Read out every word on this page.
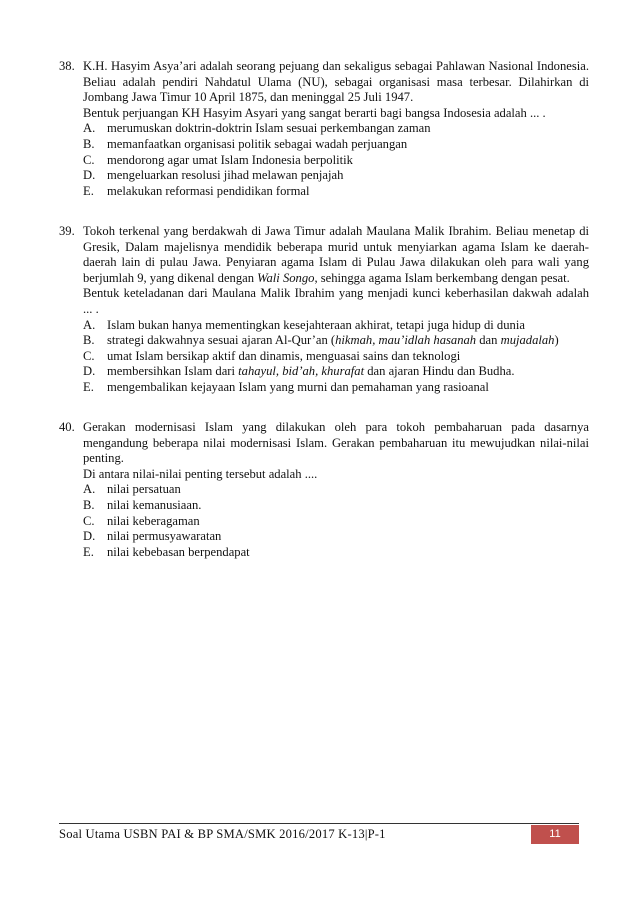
38. K.H. Hasyim Asya’ari adalah seorang pejuang dan sekaligus sebagai Pahlawan Nasional Indonesia. Beliau adalah pendiri Nahdatul Ulama (NU), sebagai organisasi masa terbesar. Dilahirkan di Jombang Jawa Timur 10 April 1875, dan meninggal 25 Juli 1947.

Bentuk perjuangan KH Hasyim Asyari yang sangat berarti bagi bangsa Indosesia adalah ... .

A. merumuskan doktrin-doktrin Islam sesuai perkembangan zaman
B. memanfaatkan organisasi politik sebagai wadah perjuangan
C. mendorong agar umat Islam Indonesia berpolitik
D. mengeluarkan resolusi jihad melawan penjajah
E.	melakukan reformasi pendidikan formal
39. Tokoh terkenal yang berdakwah di Jawa Timur adalah Maulana Malik Ibrahim. Beliau menetap di Gresik, Dalam majelisnya mendidik beberapa murid untuk menyiarkan agama Islam ke daerah-daerah lain di pulau Jawa. Penyiaran agama Islam di Pulau Jawa dilakukan oleh para wali yang berjumlah 9, yang dikenal dengan Wali Songo, sehingga agama Islam berkembang dengan pesat.

Bentuk keteladanan dari Maulana Malik Ibrahim yang menjadi kunci keberhasilan dakwah adalah ... .

A. Islam bukan hanya mementingkan kesejahteraan akhirat, tetapi juga hidup di dunia
B. strategi dakwahnya sesuai ajaran Al-Qur’an (hikmah, mau’idlah hasanah dan mujadalah)
C. umat Islam bersikap aktif dan dinamis, menguasai sains dan teknologi
D. membersihkan Islam dari tahayul, bid’ah, khurafat dan ajaran Hindu dan Budha.
E.	mengembalikan kejayaan Islam yang murni dan pemahaman yang rasioanal
40. Gerakan modernisasi Islam yang dilakukan oleh para tokoh pembaharuan pada dasarnya mengandung beberapa nilai modernisasi Islam. Gerakan pembaharuan itu mewujudkan nilai-nilai penting.

Di antara nilai-nilai penting tersebut adalah ....

A. nilai persatuan
B. nilai kemanusiaan.
C. nilai keberagaman
D. nilai permusyawaratan
E.	nilai kebebasan berpendapat
Soal Utama USBN PAI & BP SMA/SMK 2016/2017 K-13|P-1	11
